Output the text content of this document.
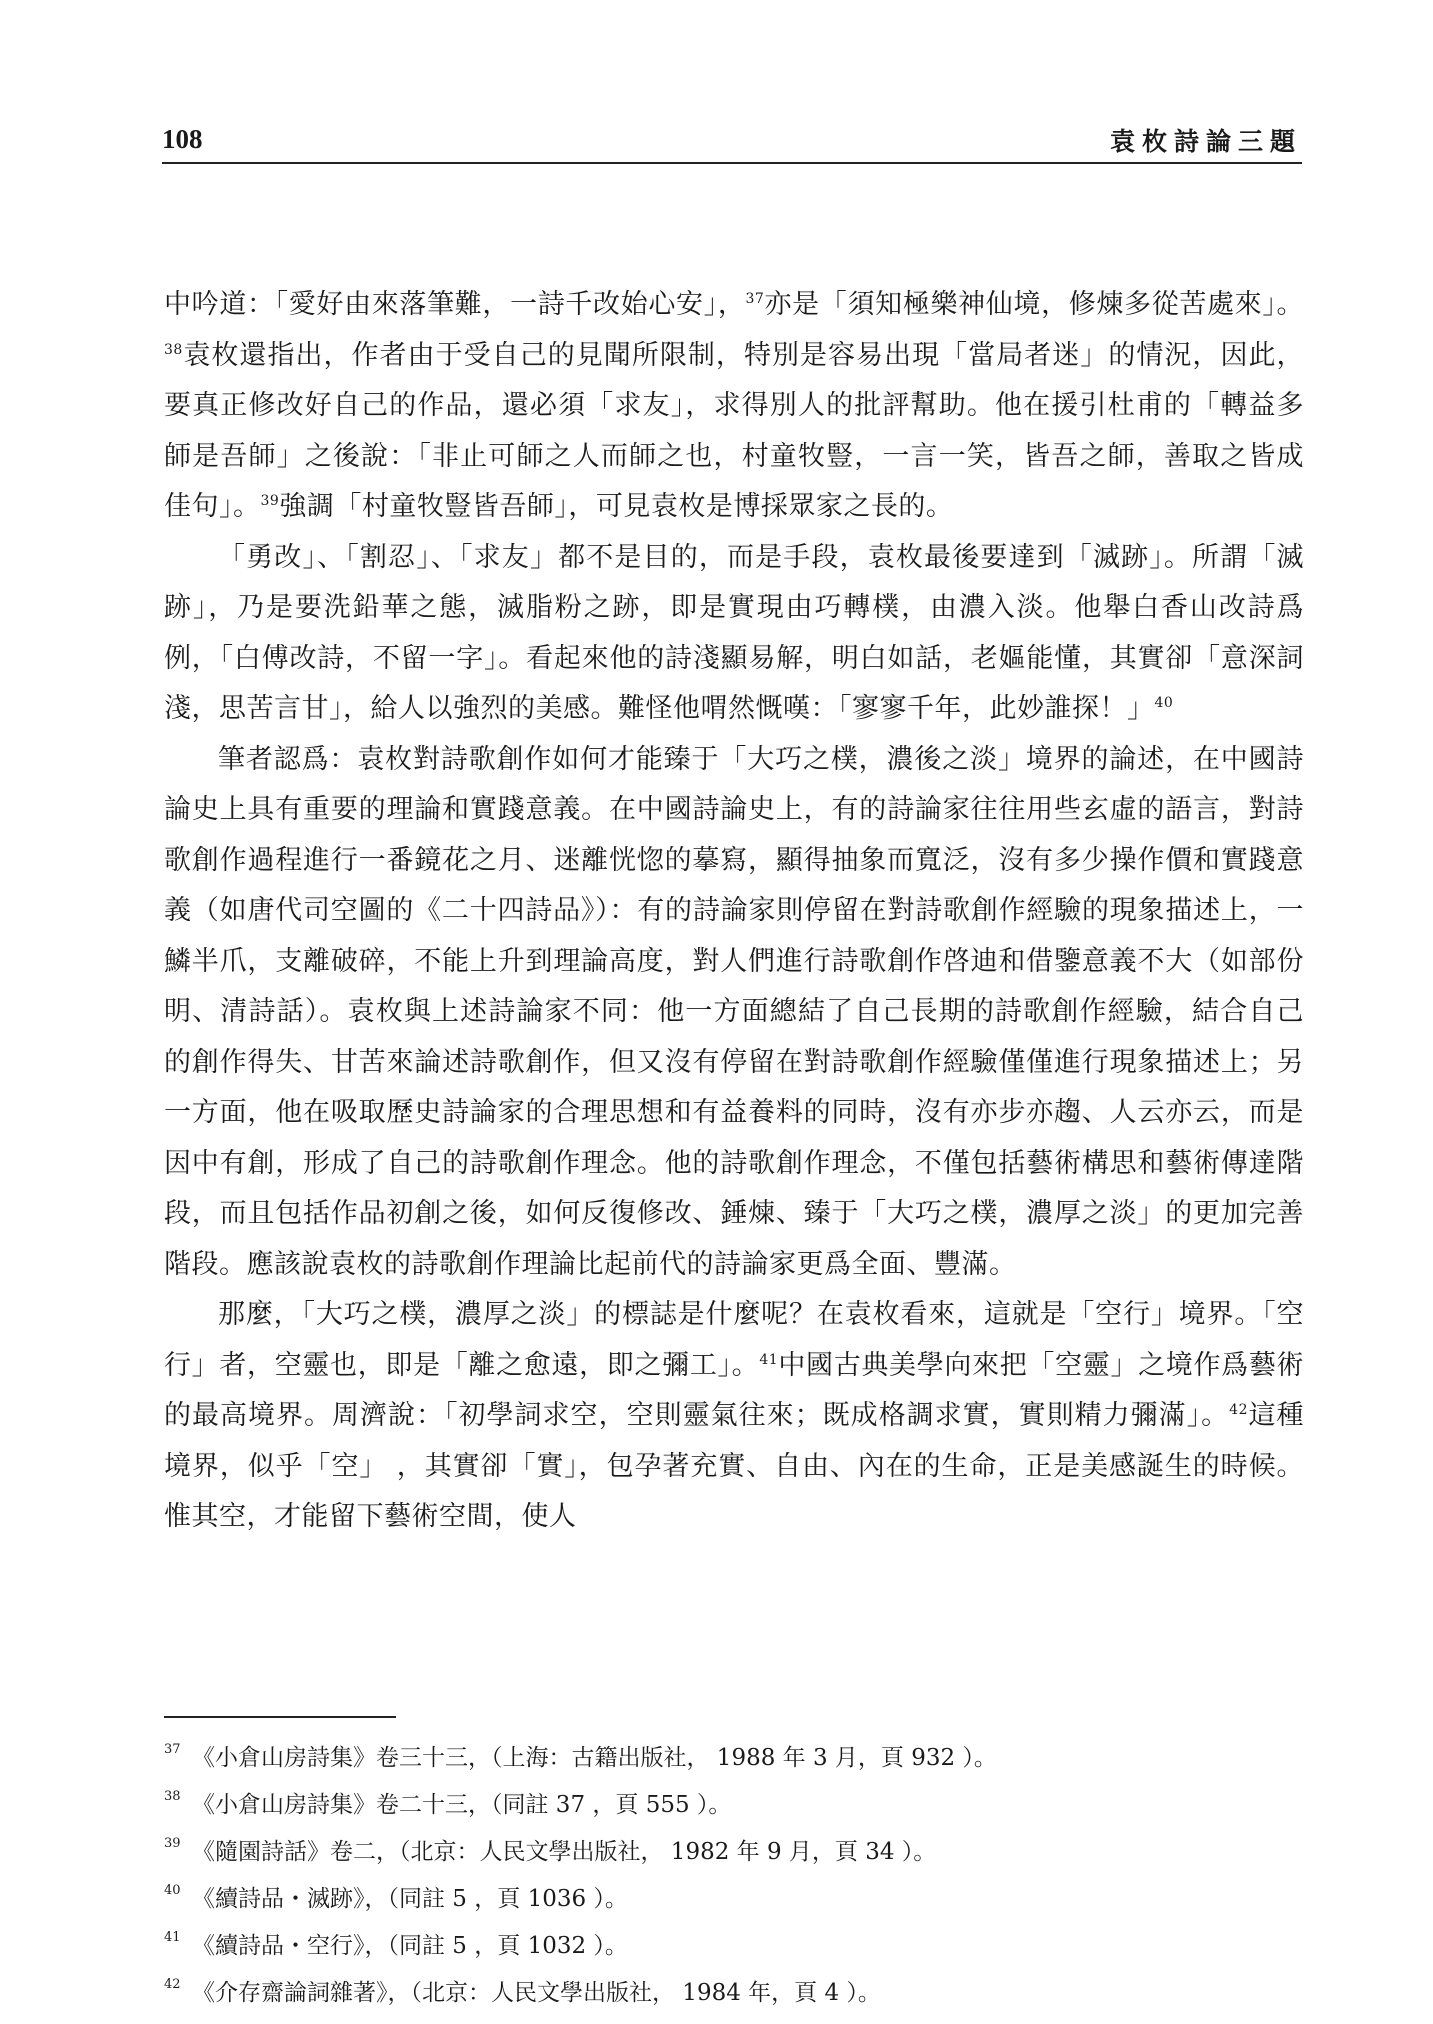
108	袁枚詩論三題

中吟道：「愛好由來落筆難，一詩千改始心安」，$^{37}$亦是「須知極樂神仙境，修煉多從苦處來」。$^{38}$袁枚還指出，作者由于受自己的見聞所限制，特別是容易出現「當局者迷」的情況，因此，要真正修改好自己的作品，還必須「求友」，求得別人的批評幫助。他在援引杜甫的「轉益多師是吾師」之後說：「非止可師之人而師之也，村童牧豎，一言一笑，皆吾之師，善取之皆成佳句」。$^{39}$強調「村童牧豎皆吾師」，可見袁枚是博採眾家之長的。

「勇改」、「割忍」、「求友」都不是目的，而是手段，袁枚最後要達到「滅跡」。所謂「滅跡」，乃是要洗鉛華之態，滅脂粉之跡，即是實現由巧轉樸，由濃入淡。他舉白香山改詩爲例，「白傅改詩，不留一字」。看起來他的詩淺顯易解，明白如話，老嫗能懂，其實卻「意深詞淺，思苦言甘」，給人以強烈的美感。難怪他喟然慨嘆：「寥寥千年，此妙誰探！」$^{40}$

筆者認爲：袁枚對詩歌創作如何才能臻于「大巧之樸，濃後之淡」境界的論述，在中國詩論史上具有重要的理論和實踐意義。在中國詩論史上，有的詩論家往往用些玄虛的語言，對詩歌創作過程進行一番鏡花之月、迷離恍惚的摹寫，顯得抽象而寬泛，沒有多少操作價和實踐意義（如唐代司空圖的《二十四詩品》）：有的詩論家則停留在對詩歌創作經驗的現象描述上，一鱗半爪，支離破碎，不能上升到理論高度，對人們進行詩歌創作啓迪和借鑒意義不大（如部份明、清詩話）。袁枚與上述詩論家不同：他一方面總結了自己長期的詩歌創作經驗，結合自己的創作得失、甘苦來論述詩歌創作，但又沒有停留在對詩歌創作經驗僅僅進行現象描述上；另一方面，他在吸取歷史詩論家的合理思想和有益養料的同時，沒有亦步亦趨、人云亦云，而是因中有創，形成了自己的詩歌創作理念。他的詩歌創作理念，不僅包括藝術構思和藝術傳達階段，而且包括作品初創之後，如何反復修改、錘煉、臻于「大巧之樸，濃厚之淡」的更加完善階段。應該說袁枚的詩歌創作理論比起前代的詩論家更爲全面、豐滿。

那麼，「大巧之樸，濃厚之淡」的標誌是什麼呢？在袁枚看來，這就是「空行」境界。「空行」者，空靈也，即是「離之愈遠，即之彌工」。$^{41}$中國古典美學向來把「空靈」之境作爲藝術的最高境界。周濟說：「初學詞求空，空則靈氣往來；既成格調求實，實則精力彌滿」。$^{42}$這種境界，似乎「空」 ，其實卻「實」，包孕著充實、自由、內在的生命，正是美感誕生的時候。惟其空，才能留下藝術空間，使人

37 《小倉山房詩集》卷三十三，（上海：古籍出版社， 1988 年 3 月，頁 932 ）。
38 《小倉山房詩集》卷二十三，（同註 37 ，頁 555 ）。
39 《隨園詩話》卷二，（北京：人民文學出版社， 1982 年 9 月，頁 34 ）。
40 《續詩品・滅跡》，（同註 5 ，頁 1036 ）。
41 《續詩品・空行》，（同註 5 ，頁 1032 ）。
42 《介存齋論詞雜著》，（北京：人民文學出版社， 1984 年，頁 4 ）。
